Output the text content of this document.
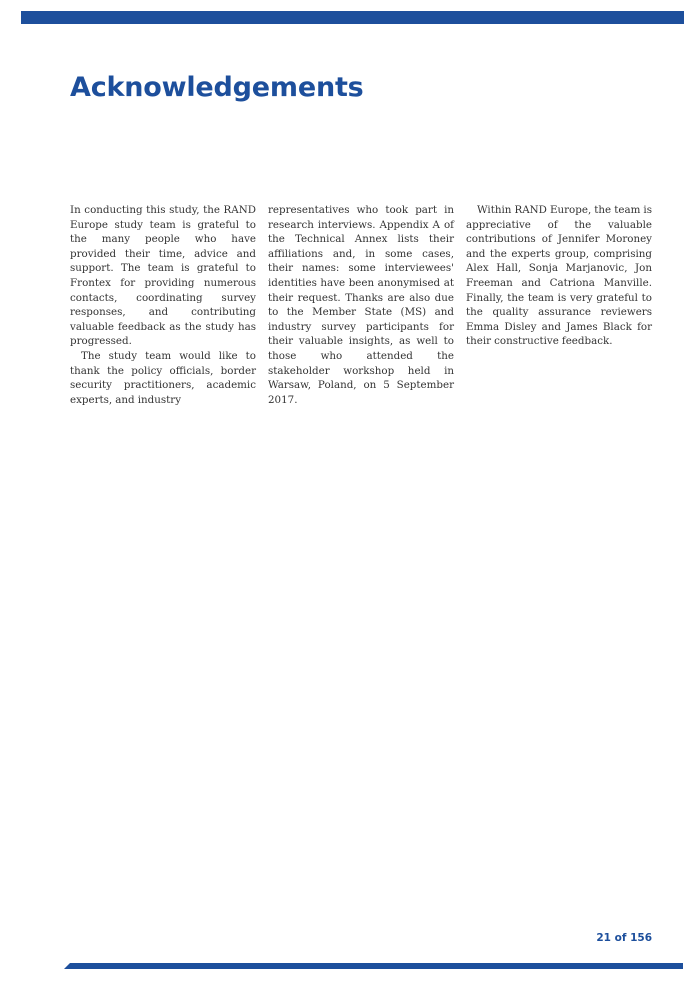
Acknowledgements

In conducting this study, the RAND Europe study team is grateful to the many people who have provided their time, advice and support. The team is grateful to Frontex for providing numerous contacts, coordinating survey responses, and contributing valuable feedback as the study has progressed.

The study team would like to thank the policy officials, border security practitioners, academic experts, and industry

representatives who took part in research interviews. Appendix A of the Technical Annex lists their affiliations and, in some cases, their names: some interviewees' identities have been anonymised at their request. Thanks are also due to the Member State (MS) and industry survey participants for their valuable insights, as well to those who attended the stakeholder workshop held in Warsaw, Poland, on 5 September 2017.

Within RAND Europe, the team is appreciative of the valuable contributions of Jennifer Moroney and the experts group, comprising Alex Hall, Sonja Marjanovic, Jon Freeman and Catriona Manville. Finally, the team is very grateful to the quality assurance reviewers Emma Disley and James Black for their constructive feedback.

21 of 156
